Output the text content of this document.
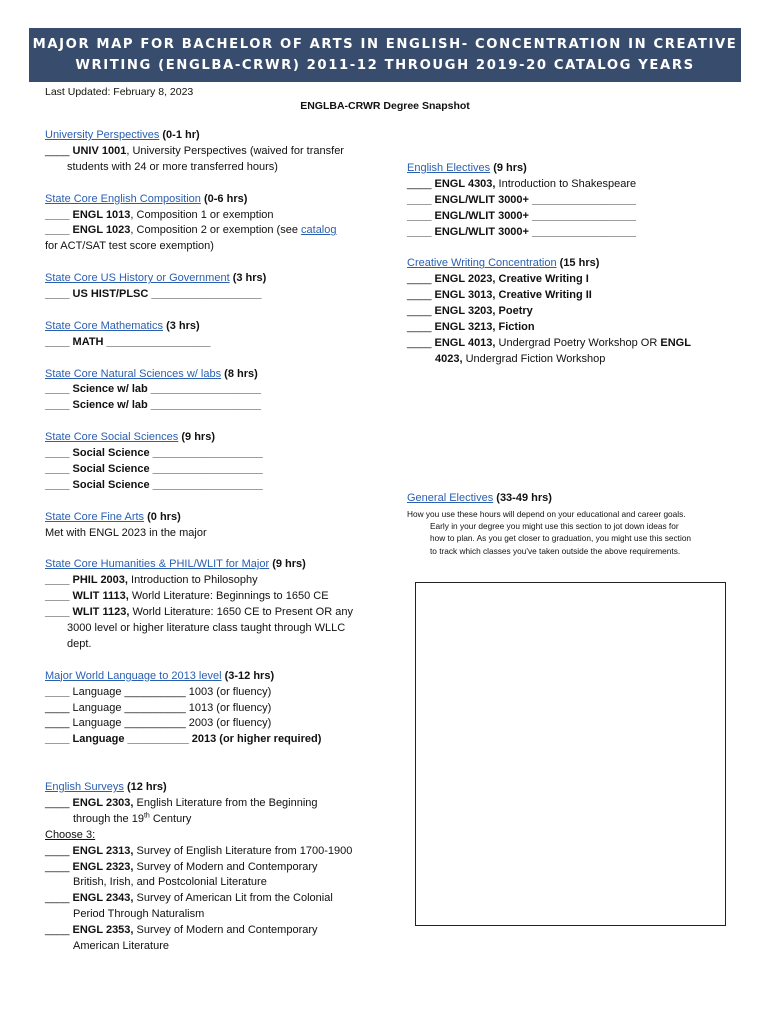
MAJOR MAP FOR BACHELOR OF ARTS IN ENGLISH- CONCENTRATION IN CREATIVE
WRITING (ENGLBA-CRWR) 2011-12 THROUGH 2019-20 CATALOG YEARS
Last Updated: February 8, 2023
ENGLBA-CRWR Degree Snapshot
University Perspectives (0-1 hr)
____ UNIV 1001, University Perspectives (waived for transfer
students with 24 or more transferred hours)
State Core English Composition (0-6 hrs)
____ ENGL 1013, Composition 1 or exemption
____ ENGL 1023, Composition 2 or exemption (see catalog
for ACT/SAT test score exemption)
State Core US History or Government (3 hrs)
____ US HIST/PLSC __________________
State Core Mathematics (3 hrs)
____ MATH _________________
State Core Natural Sciences w/ labs (8 hrs)
____ Science w/ lab __________________
____ Science w/ lab __________________
State Core Social Sciences (9 hrs)
____ Social Science __________________
____ Social Science __________________
____ Social Science __________________
State Core Fine Arts (0 hrs)
Met with ENGL 2023 in the major
State Core Humanities & PHIL/WLIT for Major (9 hrs)
____ PHIL 2003, Introduction to Philosophy
____ WLIT 1113, World Literature: Beginnings to 1650 CE
____ WLIT 1123, World Literature: 1650 CE to Present OR any
3000 level or higher literature class taught through WLLC
dept.
Major World Language to 2013 level (3-12 hrs)
____ Language __________ 1003 (or fluency)
____ Language __________ 1013 (or fluency)
____ Language __________ 2003 (or fluency)
____ Language __________ 2013 (or higher required)
English Surveys (12 hrs)
____ ENGL 2303, English Literature from the Beginning
through the 19th Century
Choose 3:
____ ENGL 2313, Survey of English Literature from 1700-1900
____ ENGL 2323, Survey of Modern and Contemporary
British, Irish, and Postcolonial Literature
____ ENGL 2343, Survey of American Lit from the Colonial
Period Through Naturalism
____ ENGL 2353, Survey of Modern and Contemporary
American Literature
English Electives (9 hrs)
____ ENGL 4303, Introduction to Shakespeare
____ ENGL/WLIT 3000+ _________________
____ ENGL/WLIT 3000+ _________________
____ ENGL/WLIT 3000+ _________________
Creative Writing Concentration (15 hrs)
____ ENGL 2023, Creative Writing I
____ ENGL 3013, Creative Writing II
____ ENGL 3203, Poetry
____ ENGL 3213, Fiction
____ ENGL 4013, Undergrad Poetry Workshop OR ENGL
4023, Undergrad Fiction Workshop
General Electives (33-49 hrs)
How you use these hours will depend on your educational and career goals.
Early in your degree you might use this section to jot down ideas for
how to plan. As you get closer to graduation, you might use this section
to track which classes you've taken outside the above requirements.
